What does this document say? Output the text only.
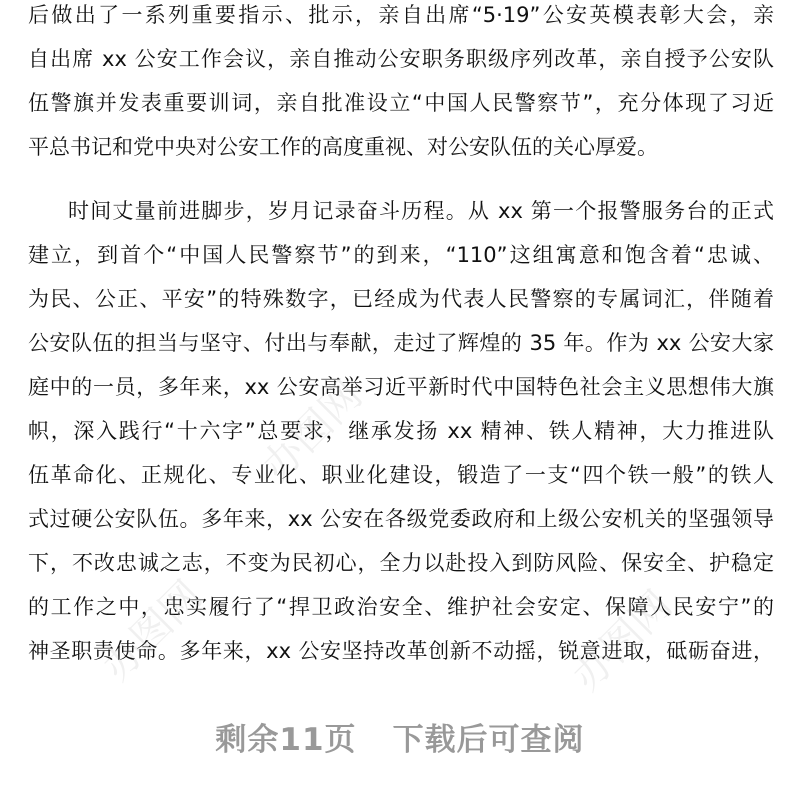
后做出了一系列重要指示、批示，亲自出席“5·19”公安英模表彰大会，亲
自出席 xx 公安工作会议，亲自推动公安职务职级序列改革，亲自授予公安队
伍警旗并发表重要训词，亲自批准设立“中国人民警察节”，充分体现了习近
平总书记和党中央对公安工作的高度重视、对公安队伍的关心厚爱。
时间丈量前进脚步，岁月记录奋斗历程。从 xx 第一个报警服务台的正式
建立，到首个“中国人民警察节”的到来，“110”这组寓意和饱含着“忠诚、
为民、公正、平安”的特殊数字，已经成为代表人民警察的专属词汇，伴随着
公安队伍的担当与坚守、付出与奉献，走过了辉煌的 35 年。作为 xx 公安大家
庭中的一员，多年来，xx 公安高举习近平新时代中国特色社会主义思想伟大旗
帜，深入践行“十六字”总要求，继承发扬 xx 精神、铁人精神，大力推进队
伍革命化、正规化、专业化、职业化建设，锻造了一支“四个铁一般”的铁人
式过硬公安队伍。多年来，xx 公安在各级党委政府和上级公安机关的坚强领导
下，不改忠诚之志，不变为民初心，全力以赴投入到防风险、保安全、护稳定
的工作之中，忠实履行了“捍卫政治安全、维护社会安定、保障人民安宁”的
神圣职责使命。多年来，xx 公安坚持改革创新不动摇，锐意进取，砥砺奋进，
办图网
办图网	办图网
剩余11页 下载后可查阅
